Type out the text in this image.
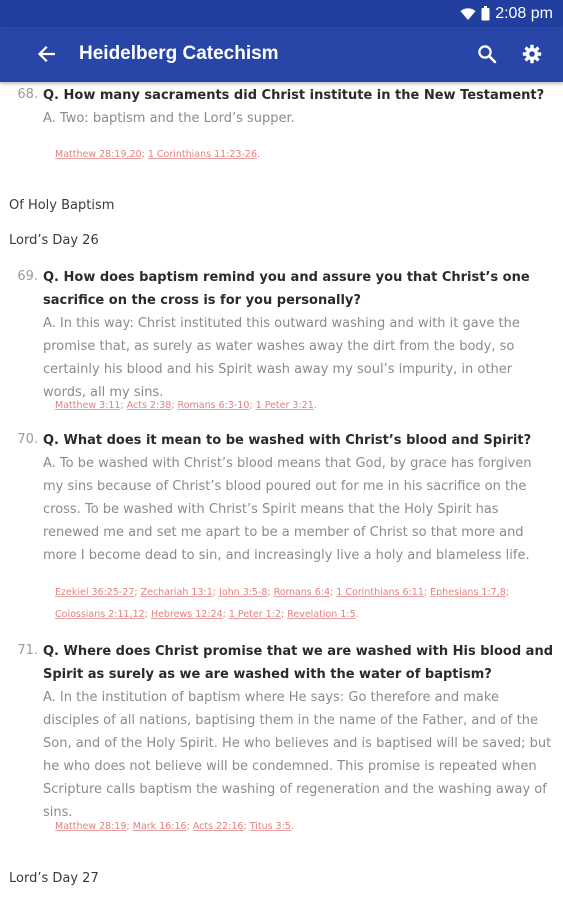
2:08 pm
Heidelberg Catechism
68. Q. How many sacraments did Christ institute in the New Testament?
A. Two: baptism and the Lord’s supper.
Matthew 28:19,20; 1 Corinthians 11:23-26.
Of Holy Baptism
Lord’s Day 26
69. Q. How does baptism remind you and assure you that Christ’s one sacrifice on the cross is for you personally?
A. In this way: Christ instituted this outward washing and with it gave the promise that, as surely as water washes away the dirt from the body, so certainly his blood and his Spirit wash away my soul’s impurity, in other words, all my sins.
Matthew 3:11; Acts 2:38; Romans 6:3-10; 1 Peter 3:21.
70. Q. What does it mean to be washed with Christ’s blood and Spirit?
A. To be washed with Christ’s blood means that God, by grace has forgiven my sins because of Christ’s blood poured out for me in his sacrifice on the cross. To be washed with Christ’s Spirit means that the Holy Spirit has renewed me and set me apart to be a member of Christ so that more and more I become dead to sin, and increasingly live a holy and blameless life.
Ezekiel 36:25-27; Zechariah 13:1; John 3:5-8; Romans 6:4; 1 Corinthians 6:11; Ephesians 1:7,8; Colossians 2:11,12; Hebrews 12:24; 1 Peter 1:2; Revelation 1:5.
71. Q. Where does Christ promise that we are washed with His blood and Spirit as surely as we are washed with the water of baptism?
A. In the institution of baptism where He says: Go therefore and make disciples of all nations, baptising them in the name of the Father, and of the Son, and of the Holy Spirit. He who believes and is baptised will be saved; but he who does not believe will be condemned. This promise is repeated when Scripture calls baptism the washing of regeneration and the washing away of sins.
Matthew 28:19; Mark 16:16; Acts 22:16; Titus 3:5.
Lord’s Day 27
